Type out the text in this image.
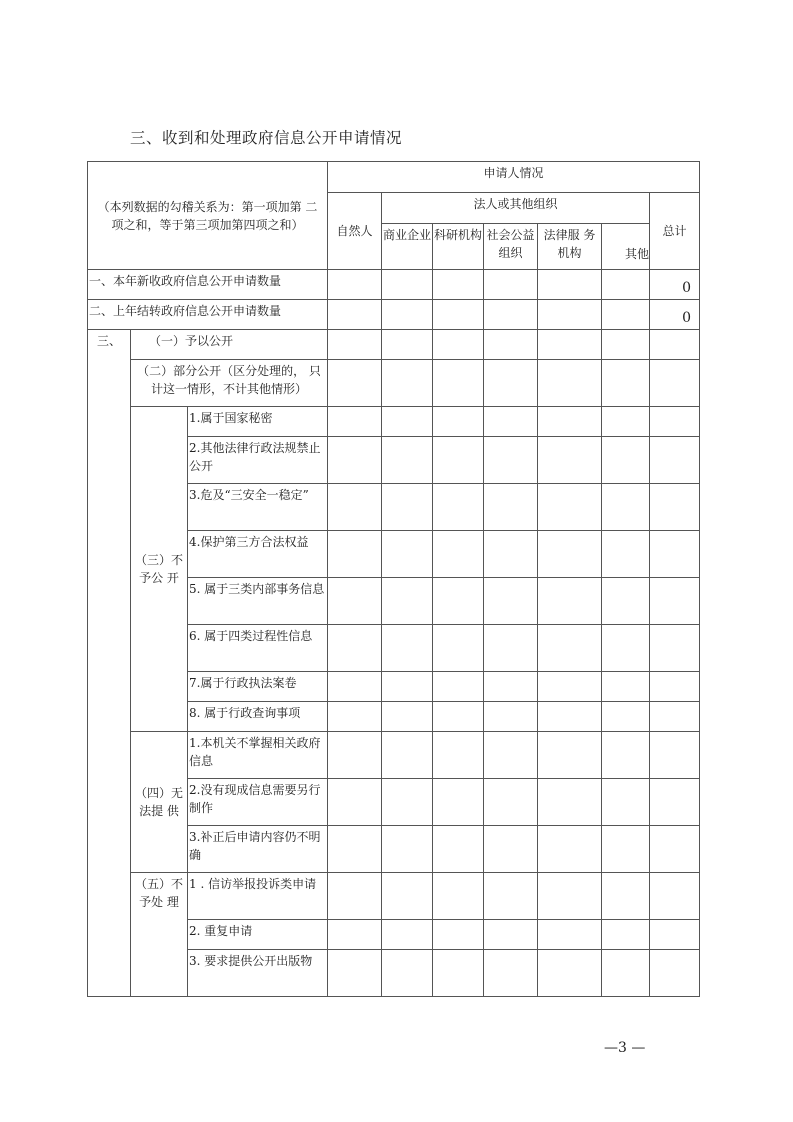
三、收到和处理政府信息公开申请情况
（本列数据的勾稽关系为：第一项加第 二项之和，等于第三项加第四项之和）			申请人情况						
			自然人	法人或其他组织					总计
				商业企业	科研机构	社会公益组织	法律服 务机构	其他	
一、本年新收政府信息公开申请数量									0
二、上年结转政府信息公开申请数量									0
三、	（一）予以公开								
	（二）部分公开（区分处理的， 只计这一情形，不计其他情形）								
	（三）不予公 开	1.属于国家秘密							
		2.其他法律行政法规禁止公开							
		3.危及“三安全一稳定”							
		4.保护第三方合法权益							
		5. 属于三类内部事务信息							
		6. 属于四类过程性信息							
		7.属于行政执法案卷							
		8. 属于行政查询事项							
	（四）无法提 供	1.本机关不掌握相关政府信息							
		2.没有现成信息需要另行制作							
		3.补正后申请内容仍不明确							
	（五）不予处 理	1 . 信访举报投诉类申请							
		2. 重复申请							
		3. 要求提供公开出版物							
—3 —
